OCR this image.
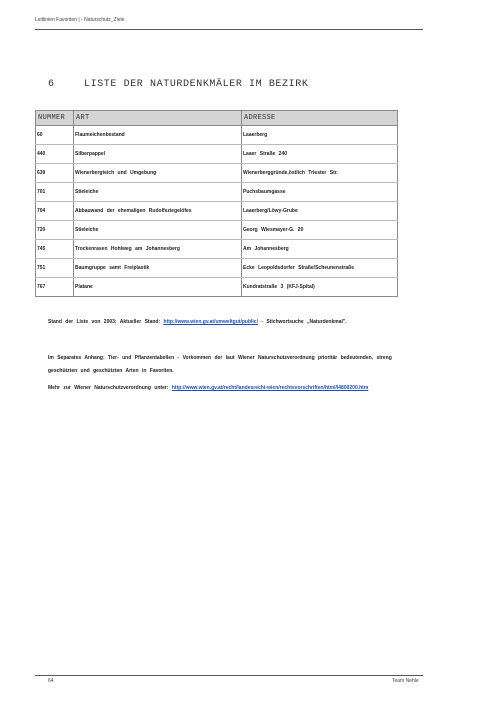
Leitlinien Favoriten | - Naturschutz_Ziele
6	LISTE DER NATURDENKMÄLER IM BEZIRK
NUMMER	ART	ADRESSE
60	Flaumeichenbestand	Laaerberg
440	Silberpappel	Laaer Straße 240
639	Wienerbergteich und Umgebung	Wienerberggründe,östlich Triester Str.
701	Stieleiche	Puchsbaumgasse
704	Abbauwand der ehemaligen Rudolfsziegelöfes	Laaerberg/Löwy-Grube
720	Stieleiche	Georg Wiesmayer-G. 20
745	Trockenrasen Hohlweg am Johannesberg	Am Johannesberg
751	Baumgruppe samt Freiplastik	Ecke Leopoldsdorfer Straße/Scheunenstraße
767	Platane	Kundratstraße 3 (KFJ-Spital)
Stand der Liste von 2003; Aktueller Stand: http://www.wien.gv.at/umweltgut/public/ - Stichwortsuche „Naturdenkmal".
Im Separates Anhang: Tier- und Pflanzentabellen - Vorkommen der laut Wiener Naturschutzverordnung prioritär bedeutenden, streng geschützten und geschützten Arten in Favoriten.
Mehr zur Wiener Naturschutzverordnung unter: http://www.wien.gv.at/recht/landesrecht-wien/rechtsvorschriften/html/l4800200.htm
64	Team Nehle
